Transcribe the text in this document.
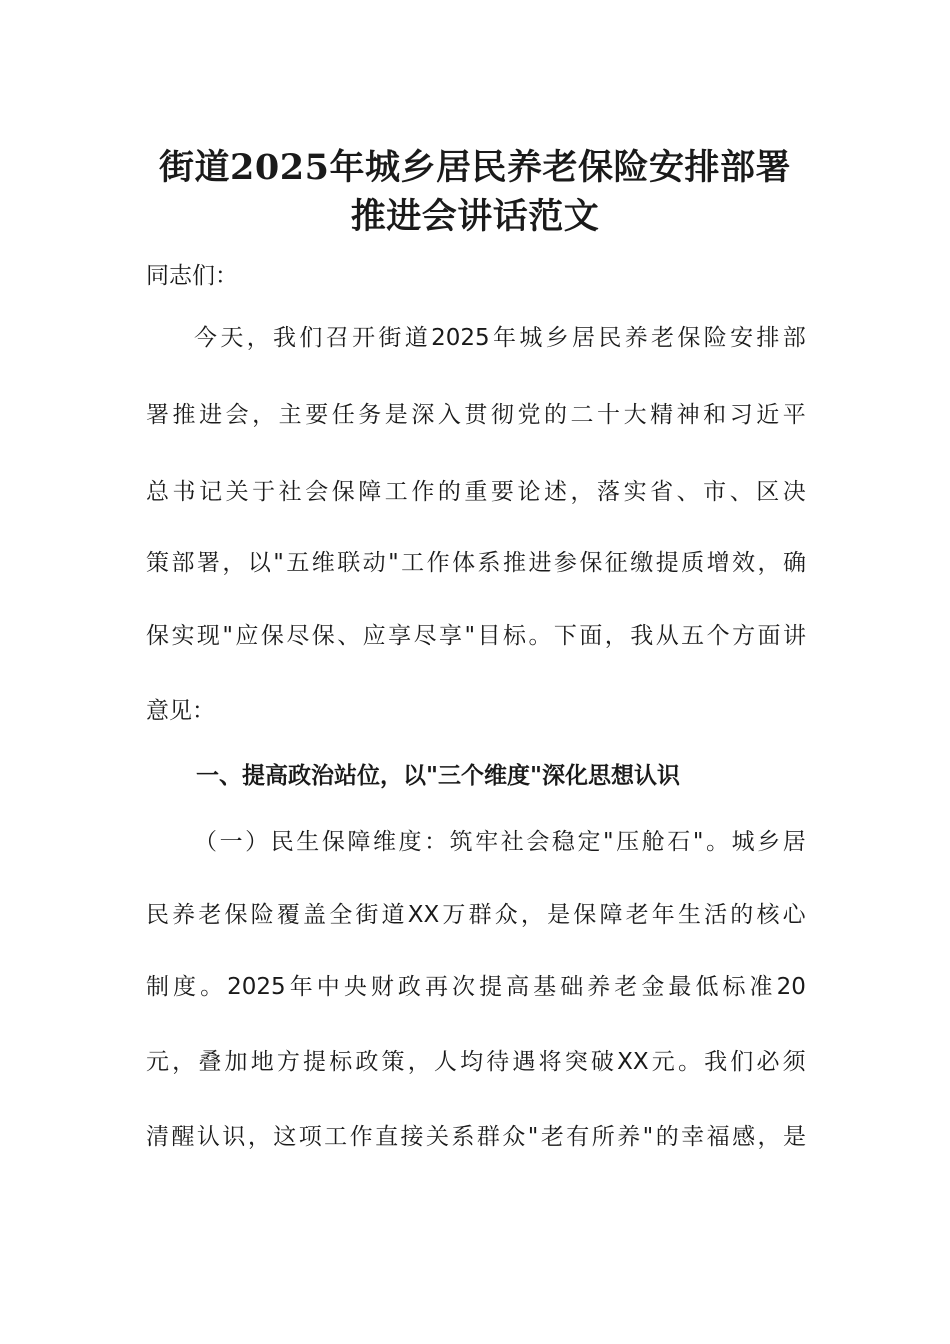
街道2025年城乡居民养老保险安排部署
推进会讲话范文
同志们：
今 天 ， 我 们 召 开 街 道 2025 年 城 乡 居 民 养 老 保 险 安 排 部
署 推 进 会 ， 主 要 任 务 是 深 入 贯 彻 党 的 二 十 大 精 神 和 习 近 平
总 书 记 关 于 社 会 保 障 工 作 的 重 要 论 述 ， 落 实 省 、 市 、 区 决
策 部 署 ， 以 " 五 维 联 动 " 工 作 体 系 推 进 参 保 征 缴 提 质 增 效 ， 确
保 实 现 " 应 保 尽 保 、 应 享 尽 享 " 目 标 。 下 面 ， 我 从 五 个 方 面 讲
意见：
一、提高政治站位，以"三个维度"深化思想认识
（ 一 ） 民 生 保 障 维 度 ： 筑 牢 社 会 稳 定 " 压 舱 石 " 。 城 乡 居
民 养 老 保 险 覆 盖 全 街 道 XX 万 群 众 ， 是 保 障 老 年 生 活 的 核 心
制 度 。 2025 年 中 央 财 政 再 次 提 高 基 础 养 老 金 最 低 标 准 20
元 ， 叠 加 地 方 提 标 政 策 ， 人 均 待 遇 将 突 破 XX 元 。 我 们 必 须
清 醒 认 识 ， 这 项 工 作 直 接 关 系 群 众 " 老 有 所 养 " 的 幸 福 感 ， 是
